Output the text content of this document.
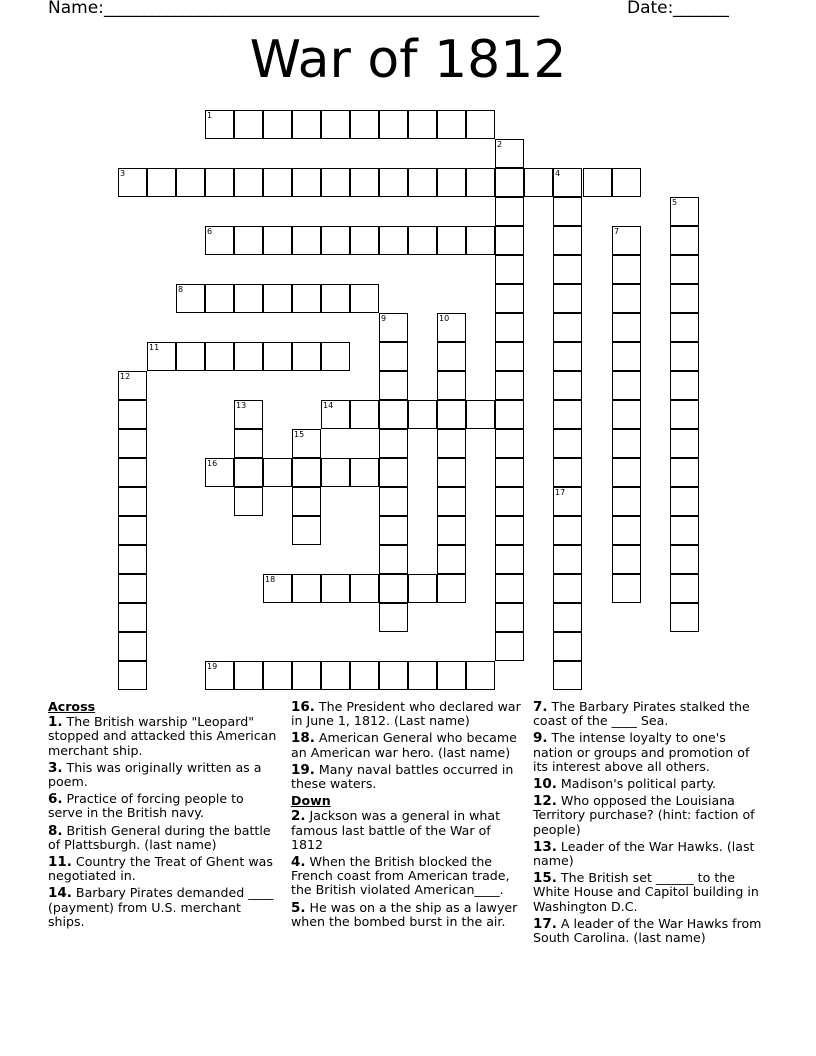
Name: _______________________________________________________	Date: _______
War of 1812
1
3	4
6
8
11
14
16
18
19
2
5
7
9	10
12
13
15
17
Across
1. The British warship "Leopard" stopped and attacked this American merchant ship.
3. This was originally written as a poem.
6. Practice of forcing people to serve in the British navy.
8. British General during the battle of Plattsburgh. (last name)
11. Country the Treat of Ghent was negotiated in.
14. Barbary Pirates demanded ____ (payment) from U.S. merchant ships.
16. The President who declared war in June 1, 1812. (Last name)
18. American General who became an American war hero. (last name)
19. Many naval battles occurred in these waters.
Down
2. Jackson was a general in what famous last battle of the War of 1812
4. When the British blocked the French coast from American trade, the British violated American____.
5. He was on a the ship as a lawyer when the bombed burst in the air.
7. The Barbary Pirates stalked the coast of the ____ Sea.
9. The intense loyalty to one's nation or groups and promotion of its interest above all others.
10. Madison's political party.
12. Who opposed the Louisiana Territory purchase? (hint: faction of people)
13. Leader of the War Hawks. (last name)
15. The British set ______ to the White House and Capitol building in Washington D.C.
17. A leader of the War Hawks from South Carolina. (last name)
